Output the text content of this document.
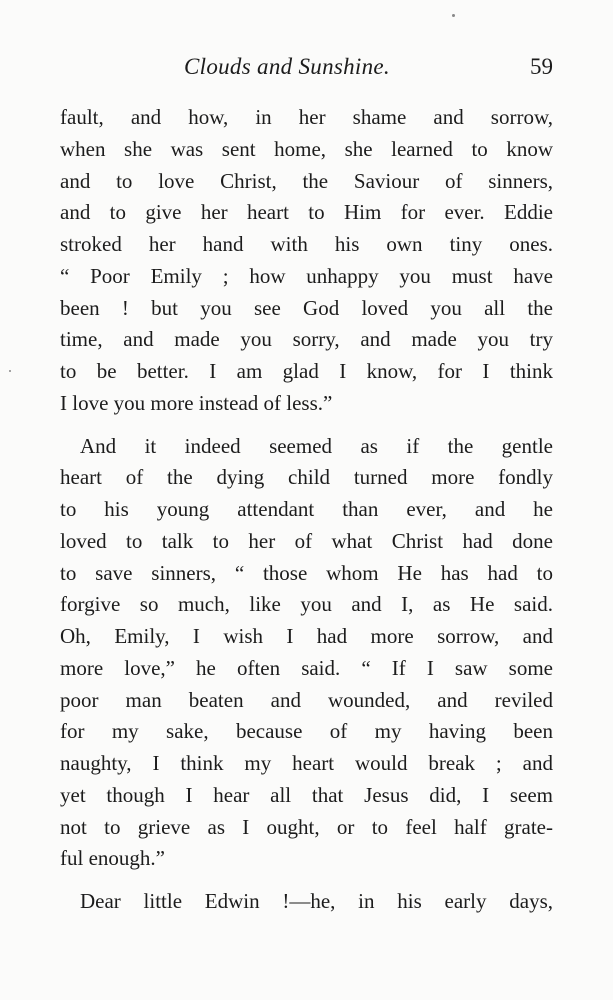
Clouds and Sunshine.	59
fault, and how, in her shame and sorrow,
when she was sent home, she learned to know
and to love Christ, the Saviour of sinners,
and to give her heart to Him for ever. Eddie
stroked her hand with his own tiny ones.
“ Poor Emily ; how unhappy you must have
been ! but you see God loved you all the
time, and made you sorry, and made you try
to be better. I am glad I know, for I think
I love you more instead of less.”
And it indeed seemed as if the gentle
heart of the dying child turned more fondly
to his young attendant than ever, and he
loved to talk to her of what Christ had done
to save sinners, “ those whom He has had to
forgive so much, like you and I, as He said.
Oh, Emily, I wish I had more sorrow, and
more love,” he often said. “ If I saw some
poor man beaten and wounded, and reviled
for my sake, because of my having been
naughty, I think my heart would break ; and
yet though I hear all that Jesus did, I seem
not to grieve as I ought, or to feel half grate-
ful enough.”
Dear little Edwin !—he, in his early days,
